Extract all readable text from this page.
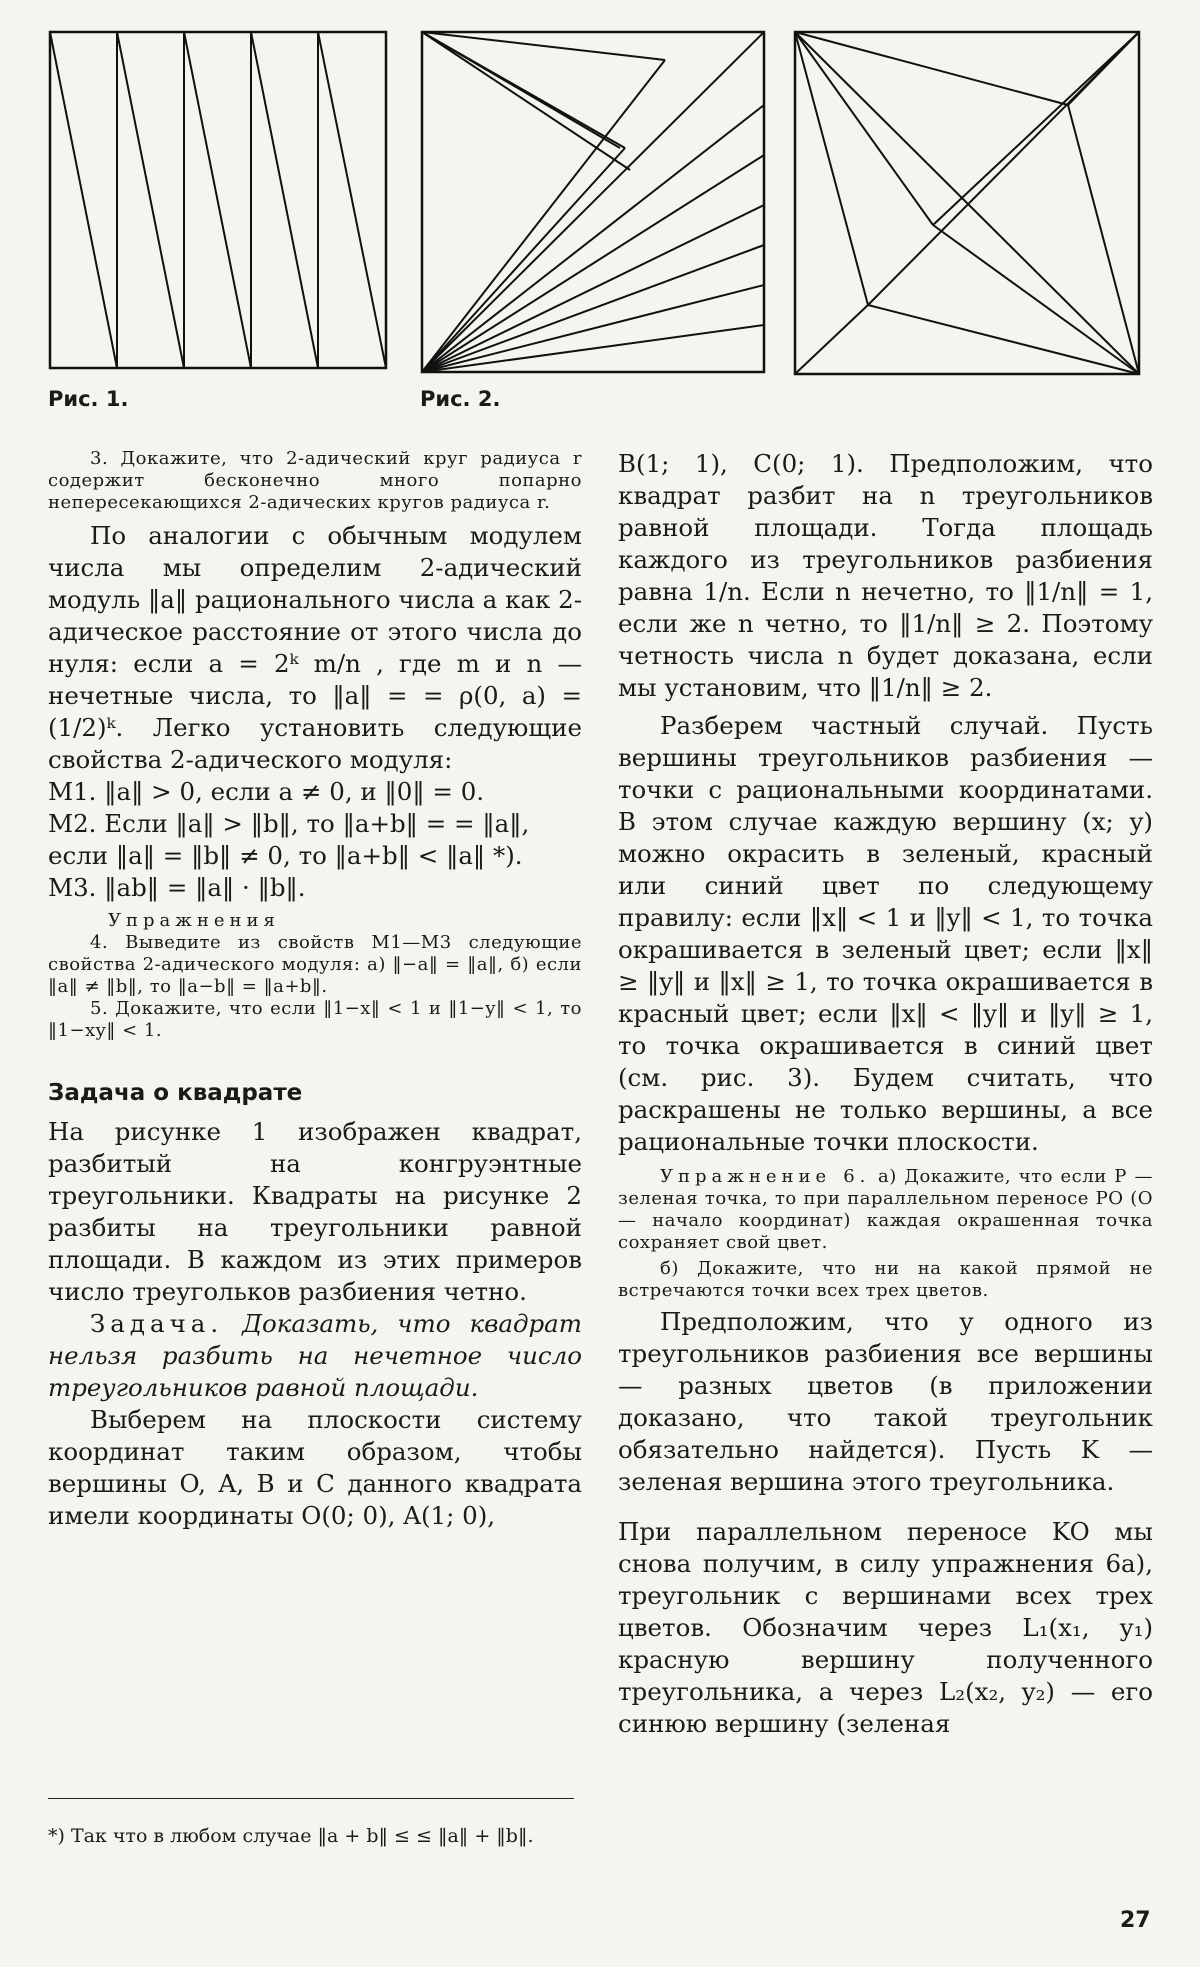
Рис. 1.	Рис. 2.

3. Докажите, что 2-адический круг радиуса r содержит бесконечно много попарно непересекающихся 2-адических кругов радиуса r.

По аналогии с обычным модулем числа мы определим 2-адический модуль ‖a‖ рационального числа a как 2-адическое расстояние от этого числа до нуля: если a = 2ᵏ m/n , где m и n — нечетные числа, то ‖a‖ = = ρ(0, a) = (1/2)ᵏ. Легко установить следующие свойства 2-адического модуля:

M1. ‖a‖ > 0, если a ≠ 0, и ‖0‖ = 0.

M2. Если ‖a‖ > ‖b‖, то ‖a+b‖ = = ‖a‖, если ‖a‖ = ‖b‖ ≠ 0, то ‖a+b‖ < ‖a‖ *).

M3. ‖ab‖ = ‖a‖ · ‖b‖.

Упражнения

4. Выведите из свойств M1—M3 следующие свойства 2-адического модуля: а) ‖−a‖ = ‖a‖, б) если ‖a‖ ≠ ‖b‖, то ‖a−b‖ = ‖a+b‖.

5. Докажите, что если ‖1−x‖ < 1 и ‖1−y‖ < 1, то ‖1−xy‖ < 1.

Задача о квадрате

На рисунке 1 изображен квадрат, разбитый на конгруэнтные треугольники. Квадраты на рисунке 2 разбиты на треугольники равной площади. В каждом из этих примеров число треугольков разбиения четно.

Задача. Доказать, что квадрат нельзя разбить на нечетное число треугольников равной площади.

Выберем на плоскости систему координат таким образом, чтобы вершины O, A, B и C данного квадрата имели координаты O(0; 0), A(1; 0),

*) Так что в любом случае ‖a + b‖ ≤ ≤ ‖a‖ + ‖b‖.

B(1; 1), C(0; 1). Предположим, что квадрат разбит на n треугольников равной площади. Тогда площадь каждого из треугольников разбиения равна 1/n. Если n нечетно, то ‖1/n‖ = 1, если же n четно, то ‖1/n‖ ≥ 2. Поэтому четность числа n будет доказана, если мы установим, что ‖1/n‖ ≥ 2.

Разберем частный случай. Пусть вершины треугольников разбиения — точки с рациональными координатами. В этом случае каждую вершину (x; y) можно окрасить в зеленый, красный или синий цвет по следующему правилу: если ‖x‖ < 1 и ‖y‖ < 1, то точка окрашивается в зеленый цвет; если ‖x‖ ≥ ‖y‖ и ‖x‖ ≥ 1, то точка окрашивается в красный цвет; если ‖x‖ < ‖y‖ и ‖y‖ ≥ 1, то точка окрашивается в синий цвет (см. рис. 3). Будем считать, что раскрашены не только вершины, а все рациональные точки плоскости.

Упражнение 6. а) Докажите, что если P — зеленая точка, то при параллельном переносе PO (O — начало координат) каждая окрашенная точка сохраняет свой цвет.

б) Докажите, что ни на какой прямой не встречаются точки всех трех цветов.

Предположим, что у одного из треугольников разбиения все вершины — разных цветов (в приложении доказано, что такой треугольник обязательно найдется). Пусть K — зеленая вершина этого треугольника.

При параллельном переносе KO мы снова получим, в силу упражнения 6а), треугольник с вершинами всех трех цветов. Обозначим через L₁(x₁, y₁) красную вершину полученного треугольника, а через L₂(x₂, y₂) — его синюю вершину (зеленая

27
